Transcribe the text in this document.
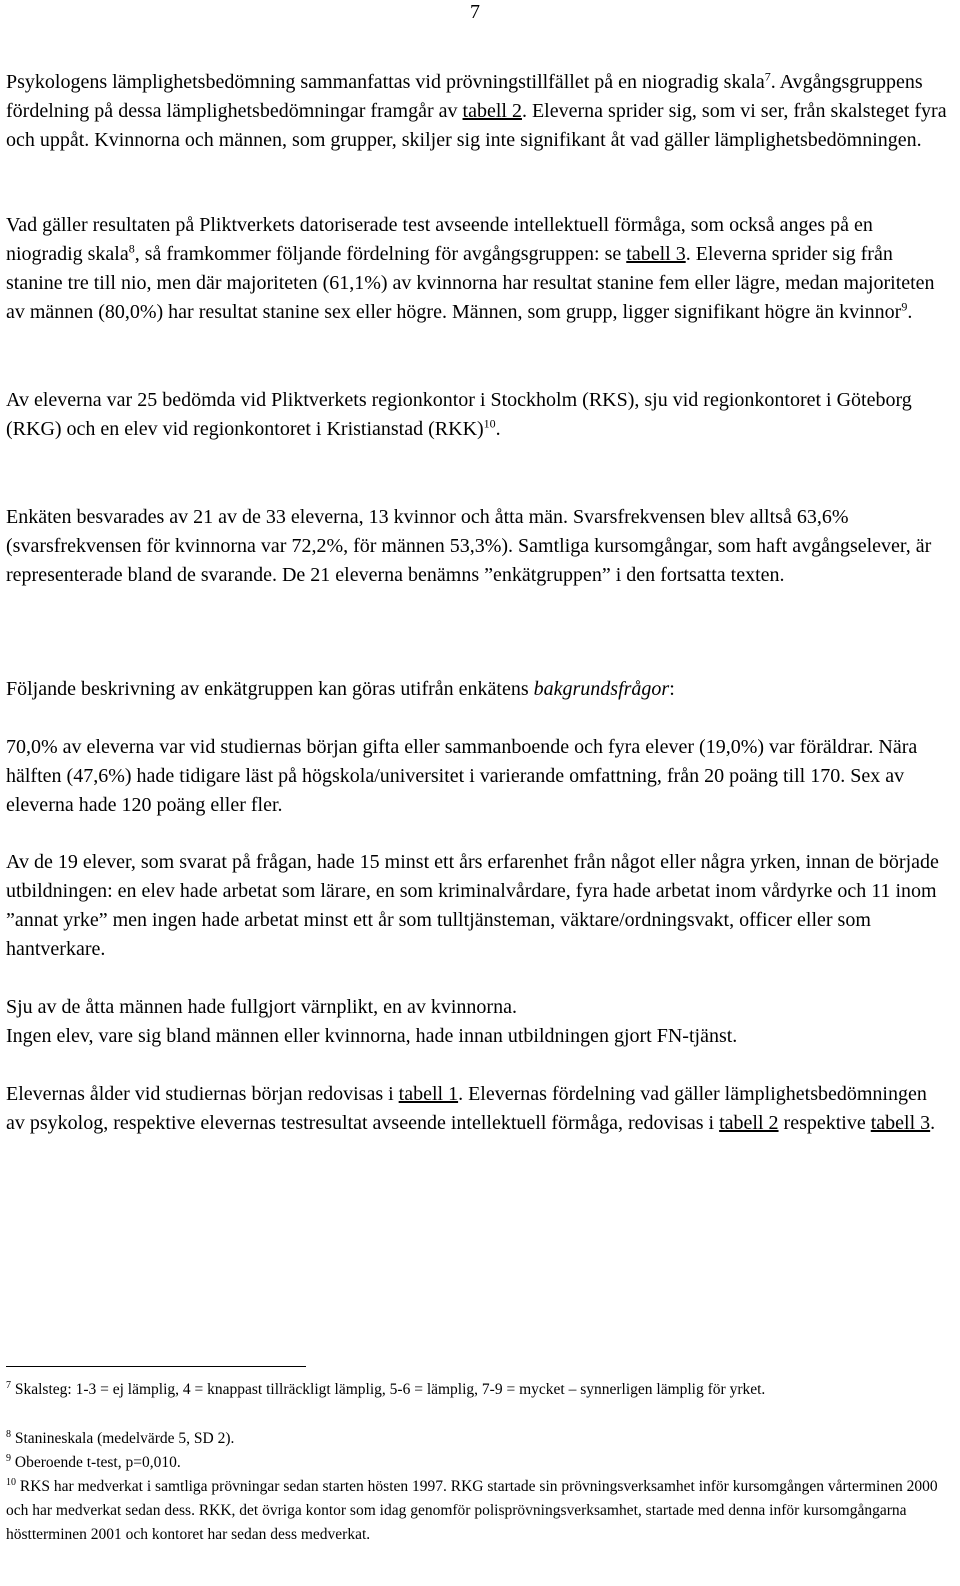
7

Psykologens lämplighetsbedömning sammanfattas vid prövningstillfället på en niogradig skala$^7$. Avgångsgruppens fördelning på dessa lämplighetsbedömningar framgår av tabell 2. Eleverna sprider sig, som vi ser, från skalsteget fyra och uppåt. Kvinnorna och männen, som grupper, skiljer sig inte signifikant åt vad gäller lämplighetsbedömningen.

Vad gäller resultaten på Pliktverkets datoriserade test avseende intellektuell förmåga, som också anges på en niogradig skala$^8$, så framkommer följande fördelning för avgångsgruppen: se tabell 3. Eleverna sprider sig från stanine tre till nio, men där majoriteten (61,1%) av kvinnorna har resultat stanine fem eller lägre, medan majoriteten av männen (80,0%) har resultat stanine sex eller högre. Männen, som grupp, ligger signifikant högre än kvinnor$^9$.

Av eleverna var 25 bedömda vid Pliktverkets regionkontor i Stockholm (RKS), sju vid regionkontoret i Göteborg (RKG) och en elev vid regionkontoret i Kristianstad (RKK)$^{10}$.

Enkäten besvarades av 21 av de 33 eleverna, 13 kvinnor och åtta män. Svarsfrekvensen blev alltså 63,6% (svarsfrekvensen för kvinnorna var 72,2%, för männen 53,3%). Samtliga kursomgångar, som haft avgångselever, är representerade bland de svarande. De 21 eleverna benämns ”enkätgruppen” i den fortsatta texten.

Följande beskrivning av enkätgruppen kan göras utifrån enkätens bakgrundsfrågor:

70,0% av eleverna var vid studiernas början gifta eller sammanboende och fyra elever (19,0%) var föräldrar. Nära hälften (47,6%) hade tidigare läst på högskola/universitet i varierande omfattning, från 20 poäng till 170. Sex av eleverna hade 120 poäng eller fler.

Av de 19 elever, som svarat på frågan, hade 15 minst ett års erfarenhet från något eller några yrken, innan de började utbildningen: en elev hade arbetat som lärare, en som kriminalvårdare, fyra hade arbetat inom vårdyrke och 11 inom ”annat yrke” men ingen hade arbetat minst ett år som tulltjänsteman, väktare/ordningsvakt, officer eller som hantverkare.

Sju av de åtta männen hade fullgjort värnplikt, en av kvinnorna.

Ingen elev, vare sig bland männen eller kvinnorna, hade innan utbildningen gjort FN-tjänst.

Elevernas ålder vid studiernas början redovisas i tabell 1. Elevernas fördelning vad gäller lämplighetsbedömningen av psykolog, respektive elevernas testresultat avseende intellektuell förmåga, redovisas i tabell 2 respektive tabell 3.

$^7$ Skalsteg: 1-3 = ej lämplig, 4 = knappast tillräckligt lämplig, 5-6 = lämplig, 7-9 = mycket – synnerligen lämplig för yrket.

$^8$ Stanineskala (medelvärde 5, SD 2).

$^9$ Oberoende t-test, p=0,010.

$^{10}$ RKS har medverkat i samtliga prövningar sedan starten hösten 1997. RKG startade sin prövningsverksamhet inför kursomgången vårterminen 2000 och har medverkat sedan dess. RKK, det övriga kontor som idag genomför polisprövningsverksamhet, startade med denna inför kursomgångarna höstterminen 2001 och kontoret har sedan dess medverkat.
